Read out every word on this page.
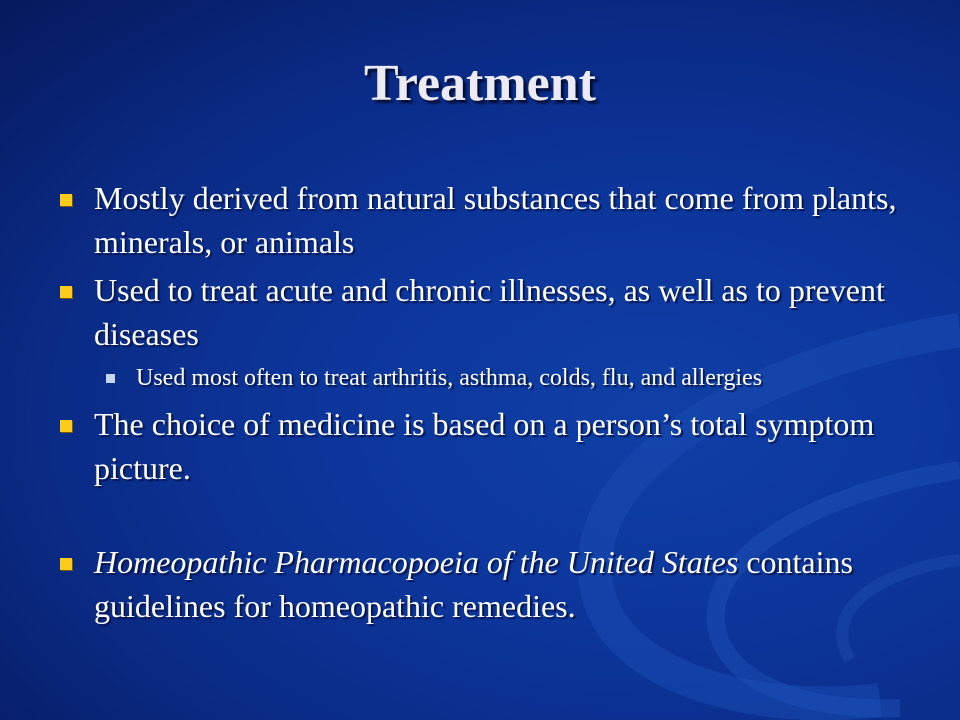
Treatment
Mostly derived from natural substances that come from plants, minerals, or animals
Used to treat acute and chronic illnesses, as well as to prevent diseases
Used most often to treat arthritis, asthma, colds, flu, and allergies
The choice of medicine is based on a person’s total symptom picture.
Homeopathic Pharmacopoeia of the United States contains guidelines for homeopathic remedies.
